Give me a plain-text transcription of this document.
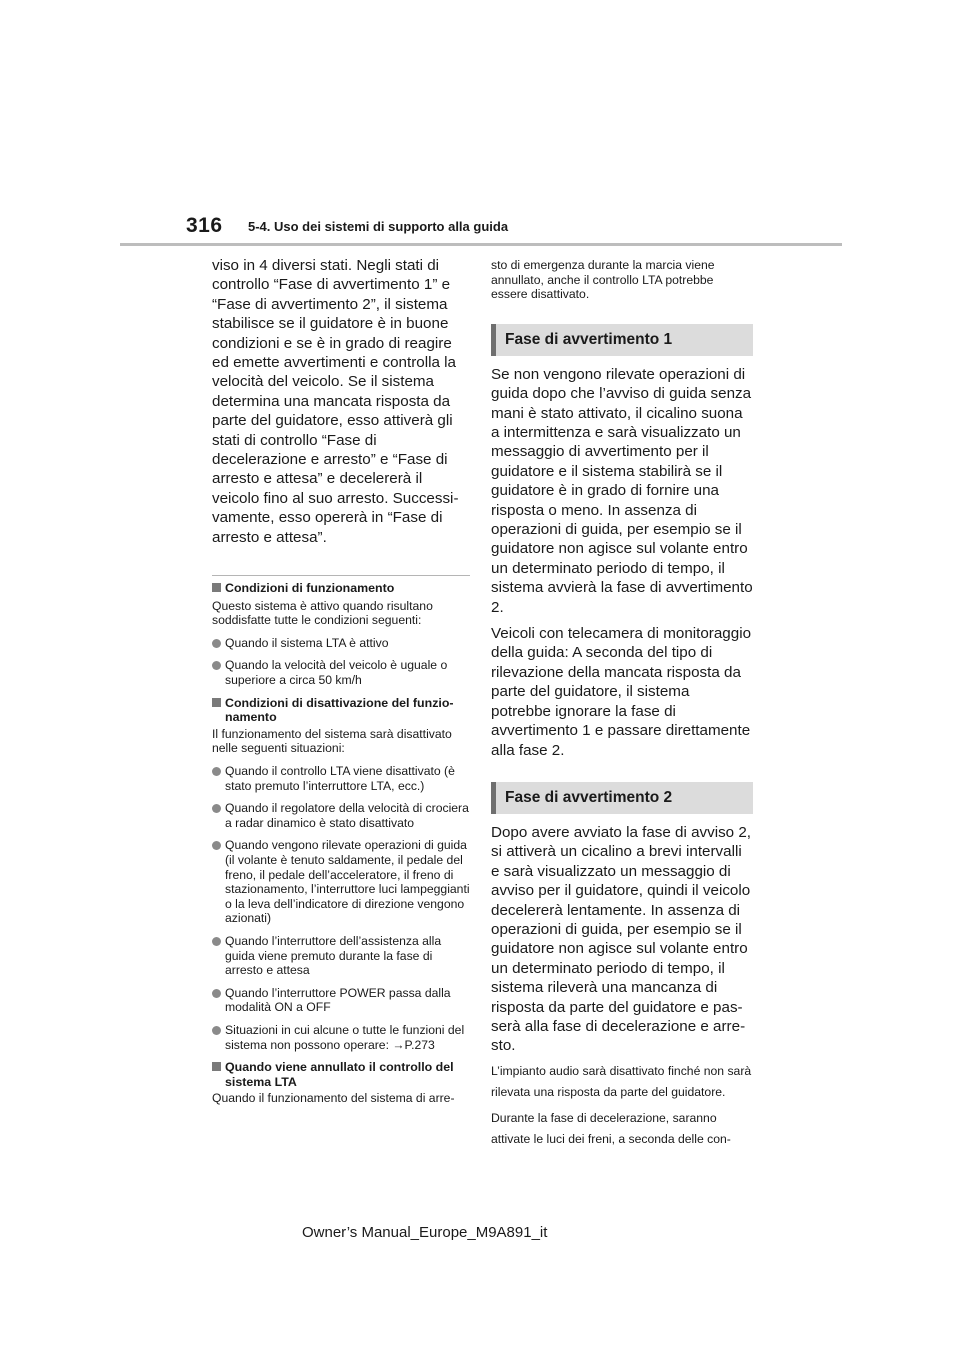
316 5-4. Uso dei sistemi di supporto alla guida

viso in 4 diversi stati. Negli stati di controllo “Fase di avvertimento 1” e “Fase di avvertimento 2”, il sistema stabilisce se il guidatore è in buone condizioni e se è in grado di reagire ed emette avvertimenti e controlla la velocità del veicolo. Se il sistema determina una mancata risposta da parte del guidatore, esso attiverà gli stati di controllo “Fase di decelerazione e arresto” e “Fase di arresto e attesa” e decelererà il veicolo fino al suo arresto. Successivamente, esso opererà in “Fase di arresto e attesa”.

Condizioni di funzionamento

Questo sistema è attivo quando risultano soddisfatte tutte le condizioni seguenti:

Quando il sistema LTA è attivo

Quando la velocità del veicolo è uguale o superiore a circa 50 km/h

Condizioni di disattivazione del funzionamento

Il funzionamento del sistema sarà disattivato nelle seguenti situazioni:

Quando il controllo LTA viene disattivato (è stato premuto l’interruttore LTA, ecc.)

Quando il regolatore della velocità di crociera a radar dinamico è stato disattivato

Quando vengono rilevate operazioni di guida (il volante è tenuto saldamente, il pedale del freno, il pedale dell’acceleratore, il freno di stazionamento, l’interruttore luci lampeggianti o la leva dell’indicatore di direzione vengono azionati)

Quando l’interruttore dell’assistenza alla guida viene premuto durante la fase di arresto e attesa

Quando l’interruttore POWER passa dalla modalità ON a OFF

Situazioni in cui alcune o tutte le funzioni del sistema non possono operare: →P.273

Quando viene annullato il controllo del sistema LTA

Quando il funzionamento del sistema di arre-

sto di emergenza durante la marcia viene annullato, anche il controllo LTA potrebbe essere disattivato.

Fase di avvertimento 1

Se non vengono rilevate operazioni di guida dopo che l’avviso di guida senza mani è stato attivato, il cicalino suona a intermittenza e sarà visualizzato un messaggio di avvertimento per il guidatore e il sistema stabilirà se il guidatore è in grado di fornire una risposta o meno. In assenza di operazioni di guida, per esempio se il guidatore non agisce sul volante entro un determinato periodo di tempo, il sistema avvierà la fase di avvertimento 2.

Veicoli con telecamera di monitoraggio della guida: A seconda del tipo di rilevazione della mancata risposta da parte del guidatore, il sistema potrebbe ignorare la fase di avvertimento 1 e passare direttamente alla fase 2.

Fase di avvertimento 2

Dopo avere avviato la fase di avviso 2, si attiverà un cicalino a brevi intervalli e sarà visualizzato un messaggio di avviso per il guidatore, quindi il veicolo decelererà lentamente. In assenza di operazioni di guida, per esempio se il guidatore non agisce sul volante entro un determinato periodo di tempo, il sistema rileverà una mancanza di risposta da parte del guidatore e passerà alla fase di decelerazione e arresto.

L’impianto audio sarà disattivato finché non sarà rilevata una risposta da parte del guidatore.

Durante la fase di decelerazione, saranno attivate le luci dei freni, a seconda delle con-

Owner’s Manual_Europe_M9A891_it
